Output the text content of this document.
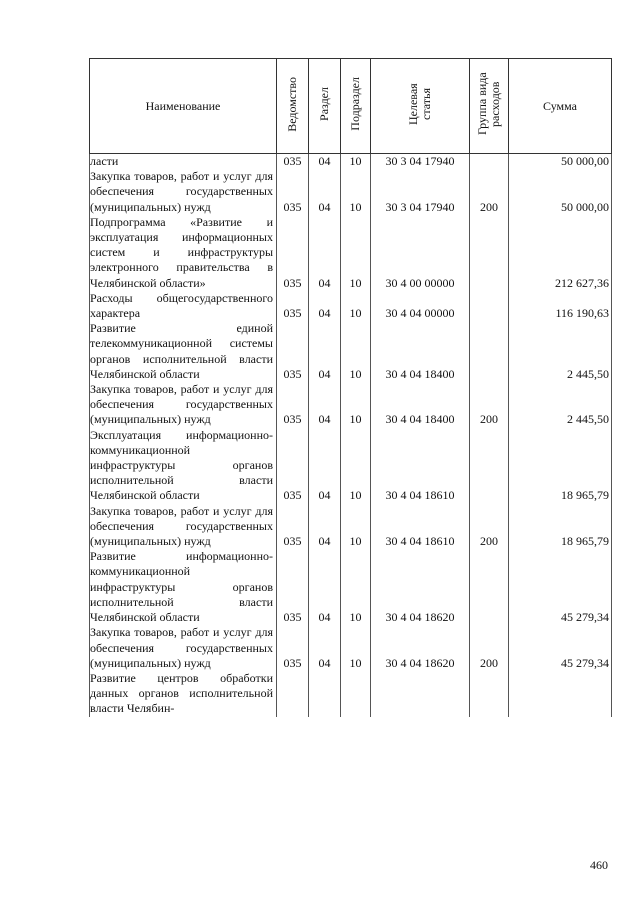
Наименование	Ведомство	Раздел	Подраздел	Целевая статья	Группа вида расходов	Сумма
ласти	035	04	10	30 3 04 17940		50 000,00
Закупка товаров, работ и услуг для обеспечения государственных (муниципальных) нужд	035	04	10	30 3 04 17940	200	50 000,00
Подпрограмма «Развитие и эксплуатация информационных систем и инфраструктуры электронного правительства в Челябинской области»	035	04	10	30 4 00 00000		212 627,36
Расходы общегосударственного характера	035	04	10	30 4 04 00000		116 190,63
Развитие единой телекоммуникационной системы органов исполнительной власти Челябинской области	035	04	10	30 4 04 18400		2 445,50
Закупка товаров, работ и услуг для обеспечения государственных (муниципальных) нужд	035	04	10	30 4 04 18400	200	2 445,50
Эксплуатация информационно-коммуникационной инфраструктуры органов исполнительной власти Челябинской области	035	04	10	30 4 04 18610		18 965,79
Закупка товаров, работ и услуг для обеспечения государственных (муниципальных) нужд	035	04	10	30 4 04 18610	200	18 965,79
Развитие информационно-коммуникационной инфраструктуры органов исполнительной власти Челябинской области	035	04	10	30 4 04 18620		45 279,34
Закупка товаров, работ и услуг для обеспечения государственных (муниципальных) нужд	035	04	10	30 4 04 18620	200	45 279,34
Развитие центров обработки данных органов исполнительной власти Челябин-						
460
